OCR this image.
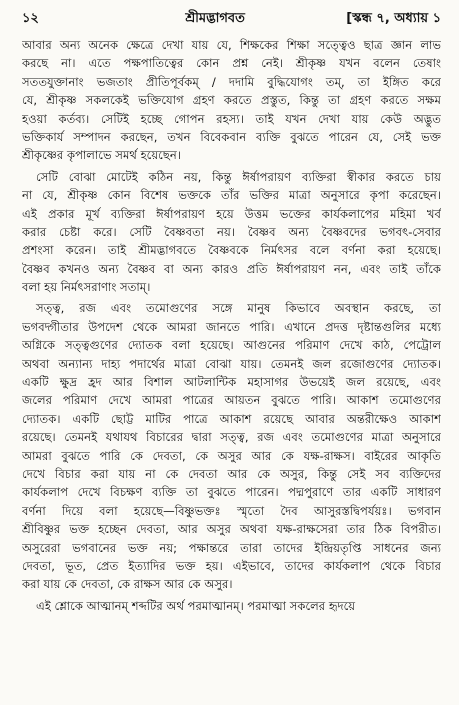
১২	শ্রীমদ্ভাগবত	[স্কন্ধ ৭, অধ্যায় ১
আবার অন্য অনেক ক্ষেত্রে দেখা যায় যে, শিক্ষকের শিক্ষা সত্ত্বেও ছাত্র জ্ঞান লাভ
করছে না। এতে পক্ষপাতিত্বের কোন প্রশ্ন নেই। শ্রীকৃষ্ণ যখন বলেন তেষাং
সততযুক্তানাং ভজতাং প্রীতিপূর্বকম্ / দদামি বুদ্ধিযোগং তম্, তা ইঙ্গিত করে
যে, শ্রীকৃষ্ণ সকলকেই ভক্তিযোগ গ্রহণ করতে প্রস্তুত, কিন্তু তা গ্রহণ করতে সক্ষম
হওয়া কর্তব্য। সেটিই হচ্ছে গোপন রহস্য। তাই যখন দেখা যায় কেউ অদ্ভুত
ভক্তিকার্য সম্পাদন করছেন, তখন বিবেকবান ব্যক্তি বুঝতে পারেন যে, সেই ভক্ত
শ্রীকৃষ্ণের কৃপালাভে সমর্থ হয়েছেন।
সেটি বোঝা মোটেই কঠিন নয়, কিন্তু ঈর্ষাপরায়ণ ব্যক্তিরা স্বীকার করতে চায়
না যে, শ্রীকৃষ্ণ কোন বিশেষ ভক্তকে তাঁর ভক্তির মাত্রা অনুসারে কৃপা করেছেন।
এই প্রকার মূর্খ ব্যক্তিরা ঈর্ষাপরায়ণ হয়ে উত্তম ভক্তের কার্যকলাপের মহিমা খর্ব
করার চেষ্টা করে। সেটি বৈষ্ণবতা নয়। বৈষ্ণব অন্য বৈষ্ণবদের ভগবৎ-সেবার
প্রশংসা করেন। তাই শ্রীমদ্ভাগবতে বৈষ্ণবকে নির্মৎসর বলে বর্ণনা করা হয়েছে।
বৈষ্ণব কখনও অন্য বৈষ্ণব বা অন্য কারও প্রতি ঈর্ষাপরায়ণ নন, এবং তাই তাঁকে
বলা হয় নির্মৎসরাণাং সতাম্।
সত্ত্ব, রজ এবং তমোগুণের সঙ্গে মানুষ কিভাবে অবস্থান করছে, তা
ভগবদ্গীতার উপদেশ থেকে আমরা জানতে পারি। এখানে প্রদত্ত দৃষ্টান্তগুলির মধ্যে
অগ্নিকে সত্ত্বগুণের দ্যোতক বলা হয়েছে। আগুনের পরিমাণ দেখে কাঠ, পেট্রোল
অথবা অন্যান্য দাহ্য পদার্থের মাত্রা বোঝা যায়। তেমনই জল রজোগুণের দ্যোতক।
একটি ক্ষুদ্র হ্রদ আর বিশাল আটলান্টিক মহাসাগর উভয়েই জল রয়েছে, এবং
জলের পরিমাণ দেখে আমরা পাত্রের আয়তন বুঝতে পারি। আকাশ তমোগুণের
দ্যোতক। একটি ছোট্ট মাটির পাত্রে আকাশ রয়েছে আবার অন্তরীক্ষেও আকাশ
রয়েছে। তেমনই যথাযথ বিচারের দ্বারা সত্ত্ব, রজ এবং তমোগুণের মাত্রা অনুসারে
আমরা বুঝতে পারি কে দেবতা, কে অসুর আর কে যক্ষ-রাক্ষস। বাইরের আকৃতি
দেখে বিচার করা যায় না কে দেবতা আর কে অসুর, কিন্তু সেই সব ব্যক্তিদের
কার্যকলাপ দেখে বিচক্ষণ ব্যক্তি তা বুঝতে পারেন। পদ্মপুরাণে তার একটি সাধারণ
বর্ণনা দিয়ে বলা হয়েছে—বিষ্ণুভক্তঃ স্মৃতো দৈব আসুরস্তদ্বিপর্যয়ঃ। ভগবান
শ্রীবিষ্ণুর ভক্ত হচ্ছেন দেবতা, আর অসুর অথবা যক্ষ-রাক্ষসেরা তার ঠিক বিপরীত।
অসুরেরা ভগবানের ভক্ত নয়; পক্ষান্তরে তারা তাদের ইন্দ্রিয়তৃপ্তি সাধনের জন্য
দেবতা, ভূত, প্রেত ইত্যাদির ভক্ত হয়। এইভাবে, তাদের কার্যকলাপ থেকে বিচার
করা যায় কে দেবতা, কে রাক্ষস আর কে অসুর।
এই শ্লোকে আত্মানম্ শব্দটির অর্থ পরমাত্মানম্। পরমাত্মা সকলের হৃদয়ে
